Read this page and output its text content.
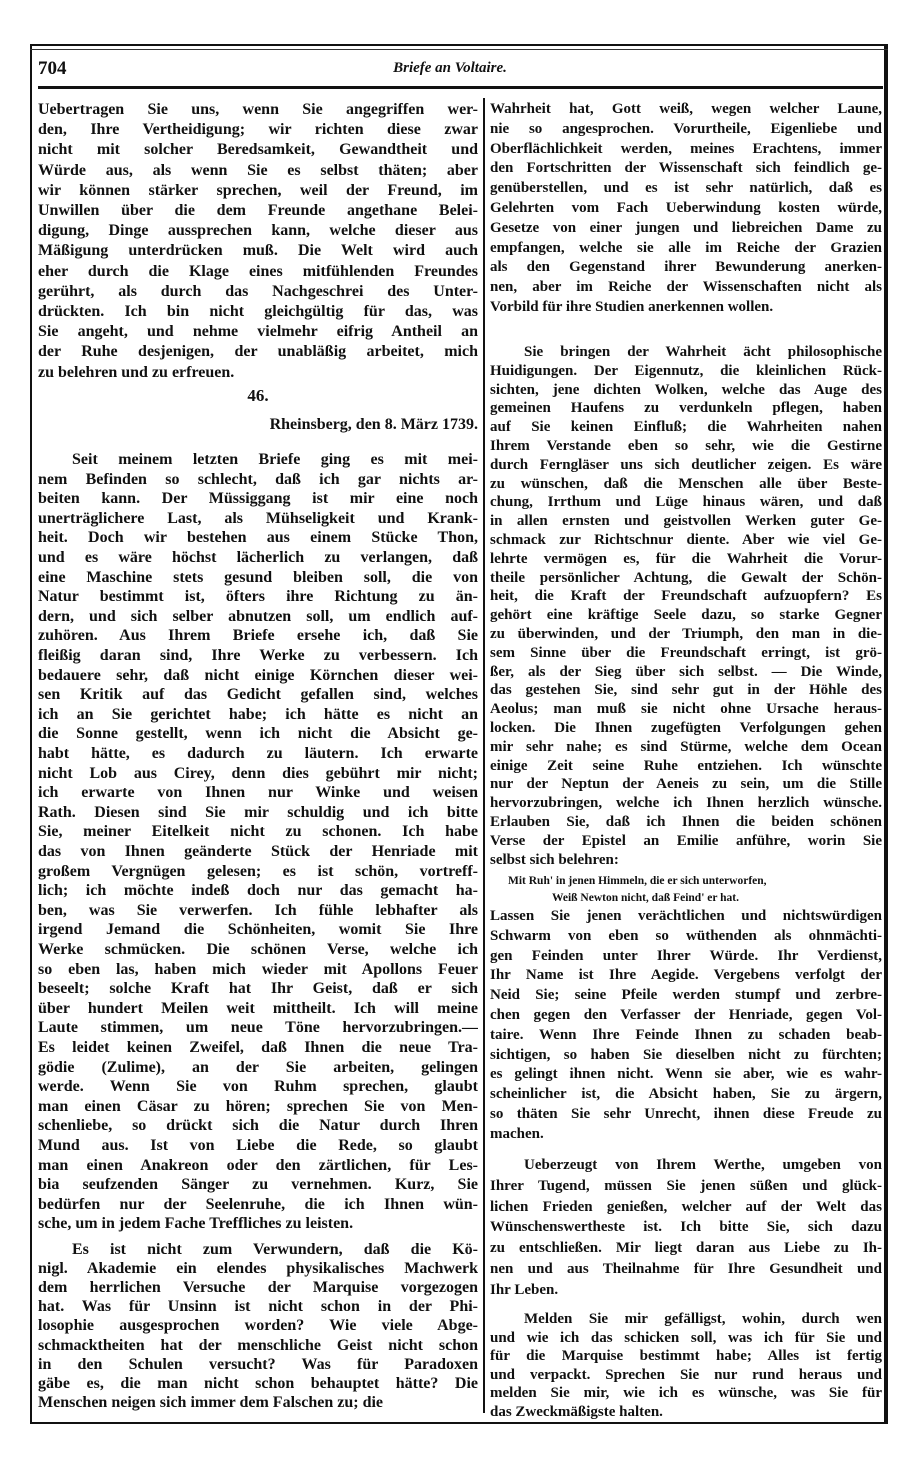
704	Briefe an Voltaire.
Uebertragen Sie uns, wenn Sie angegriffen wer-
den, Ihre Vertheidigung; wir richten diese zwar
nicht mit solcher Beredsamkeit, Gewandtheit und
Würde aus, als wenn Sie es selbst thäten; aber
wir können stärker sprechen, weil der Freund, im
Unwillen über die dem Freunde angethane Belei-
digung, Dinge aussprechen kann, welche dieser aus
Mäßigung unterdrücken muß. Die Welt wird auch
eher durch die Klage eines mitfühlenden Freundes
gerührt, als durch das Nachgeschrei des Unter-
drückten. Ich bin nicht gleichgültig für das, was
Sie angeht, und nehme vielmehr eifrig Antheil an
der Ruhe desjenigen, der unabläßig arbeitet, mich
zu belehren und zu erfreuen.
46.
Rheinsberg, den 8. März 1739.
Seit meinem letzten Briefe ging es mit mei-
nem Befinden so schlecht, daß ich gar nichts ar-
beiten kann. Der Müssiggang ist mir eine noch
unerträglichere Last, als Mühseligkeit und Krank-
heit. Doch wir bestehen aus einem Stücke Thon,
und es wäre höchst lächerlich zu verlangen, daß
eine Maschine stets gesund bleiben soll, die von
Natur bestimmt ist, öfters ihre Richtung zu än-
dern, und sich selber abnutzen soll, um endlich auf-
zuhören. Aus Ihrem Briefe ersehe ich, daß Sie
fleißig daran sind, Ihre Werke zu verbessern. Ich
bedauere sehr, daß nicht einige Körnchen dieser wei-
sen Kritik auf das Gedicht gefallen sind, welches
ich an Sie gerichtet habe; ich hätte es nicht an
die Sonne gestellt, wenn ich nicht die Absicht ge-
habt hätte, es dadurch zu läutern. Ich erwarte
nicht Lob aus Cirey, denn dies gebührt mir nicht;
ich erwarte von Ihnen nur Winke und weisen
Rath. Diesen sind Sie mir schuldig und ich bitte
Sie, meiner Eitelkeit nicht zu schonen. Ich habe
das von Ihnen geänderte Stück der Henriade mit
großem Vergnügen gelesen; es ist schön, vortreff-
lich; ich möchte indeß doch nur das gemacht ha-
ben, was Sie verwerfen. Ich fühle lebhafter als
irgend Jemand die Schönheiten, womit Sie Ihre
Werke schmücken. Die schönen Verse, welche ich
so eben las, haben mich wieder mit Apollons Feuer
beseelt; solche Kraft hat Ihr Geist, daß er sich
über hundert Meilen weit mittheilt. Ich will meine
Laute stimmen, um neue Töne hervorzubringen.—
Es leidet keinen Zweifel, daß Ihnen die neue Tra-
gödie (Zulime), an der Sie arbeiten, gelingen
werde. Wenn Sie von Ruhm sprechen, glaubt
man einen Cäsar zu hören; sprechen Sie von Men-
schenliebe, so drückt sich die Natur durch Ihren
Mund aus. Ist von Liebe die Rede, so glaubt
man einen Anakreon oder den zärtlichen, für Les-
bia seufzenden Sänger zu vernehmen. Kurz, Sie
bedürfen nur der Seelenruhe, die ich Ihnen wün-
sche, um in jedem Fache Treffliches zu leisten.
Es ist nicht zum Verwundern, daß die Kö-
nigl. Akademie ein elendes physikalisches Machwerk
dem herrlichen Versuche der Marquise vorgezogen
hat. Was für Unsinn ist nicht schon in der Phi-
losophie ausgesprochen worden? Wie viele Abge-
schmacktheiten hat der menschliche Geist nicht schon
in den Schulen versucht? Was für Paradoxen
gäbe es, die man nicht schon behauptet hätte? Die
Menschen neigen sich immer dem Falschen zu; die
Wahrheit hat, Gott weiß, wegen welcher Laune,
nie so angesprochen. Vorurtheile, Eigenliebe und
Oberflächlichkeit werden, meines Erachtens, immer
den Fortschritten der Wissenschaft sich feindlich ge-
genüberstellen, und es ist sehr natürlich, daß es
Gelehrten vom Fach Ueberwindung kosten würde,
Gesetze von einer jungen und liebreichen Dame zu
empfangen, welche sie alle im Reiche der Grazien
als den Gegenstand ihrer Bewunderung anerken-
nen, aber im Reiche der Wissenschaften nicht als
Vorbild für ihre Studien anerkennen wollen.
Sie bringen der Wahrheit ächt philosophische
Huidigungen. Der Eigennutz, die kleinlichen Rück-
sichten, jene dichten Wolken, welche das Auge des
gemeinen Haufens zu verdunkeln pflegen, haben
auf Sie keinen Einfluß; die Wahrheiten nahen
Ihrem Verstande eben so sehr, wie die Gestirne
durch Ferngläser uns sich deutlicher zeigen. Es wäre
zu wünschen, daß die Menschen alle über Beste-
chung, Irrthum und Lüge hinaus wären, und daß
in allen ernsten und geistvollen Werken guter Ge-
schmack zur Richtschnur diente. Aber wie viel Ge-
lehrte vermögen es, für die Wahrheit die Vorur-
theile persönlicher Achtung, die Gewalt der Schön-
heit, die Kraft der Freundschaft aufzuopfern? Es
gehört eine kräftige Seele dazu, so starke Gegner
zu überwinden, und der Triumph, den man in die-
sem Sinne über die Freundschaft erringt, ist grö-
ßer, als der Sieg über sich selbst. — Die Winde,
das gestehen Sie, sind sehr gut in der Höhle des
Aeolus; man muß sie nicht ohne Ursache heraus-
locken. Die Ihnen zugefügten Verfolgungen gehen
mir sehr nahe; es sind Stürme, welche dem Ocean
einige Zeit seine Ruhe entziehen. Ich wünschte
nur der Neptun der Aeneis zu sein, um die Stille
hervorzubringen, welche ich Ihnen herzlich wünsche.
Erlauben Sie, daß ich Ihnen die beiden schönen
Verse der Epistel an Emilie anführe, worin Sie
selbst sich belehren:
Mit Ruh' in jenen Himmeln, die er sich unterworfen,
Weiß Newton nicht, daß Feind' er hat.
Lassen Sie jenen verächtlichen und nichtswürdigen
Schwarm von eben so wüthenden als ohnmächti-
gen Feinden unter Ihrer Würde. Ihr Verdienst,
Ihr Name ist Ihre Aegide. Vergebens verfolgt der
Neid Sie; seine Pfeile werden stumpf und zerbre-
chen gegen den Verfasser der Henriade, gegen Vol-
taire. Wenn Ihre Feinde Ihnen zu schaden beab-
sichtigen, so haben Sie dieselben nicht zu fürchten;
es gelingt ihnen nicht. Wenn sie aber, wie es wahr-
scheinlicher ist, die Absicht haben, Sie zu ärgern,
so thäten Sie sehr Unrecht, ihnen diese Freude zu
machen.
Ueberzeugt von Ihrem Werthe, umgeben von
Ihrer Tugend, müssen Sie jenen süßen und glück-
lichen Frieden genießen, welcher auf der Welt das
Wünschenswertheste ist. Ich bitte Sie, sich dazu
zu entschließen. Mir liegt daran aus Liebe zu Ih-
nen und aus Theilnahme für Ihre Gesundheit und
Ihr Leben.
Melden Sie mir gefälligst, wohin, durch wen
und wie ich das schicken soll, was ich für Sie und
für die Marquise bestimmt habe; Alles ist fertig
und verpackt. Sprechen Sie nur rund heraus und
melden Sie mir, wie ich es wünsche, was Sie für
das Zweckmäßigste halten.
